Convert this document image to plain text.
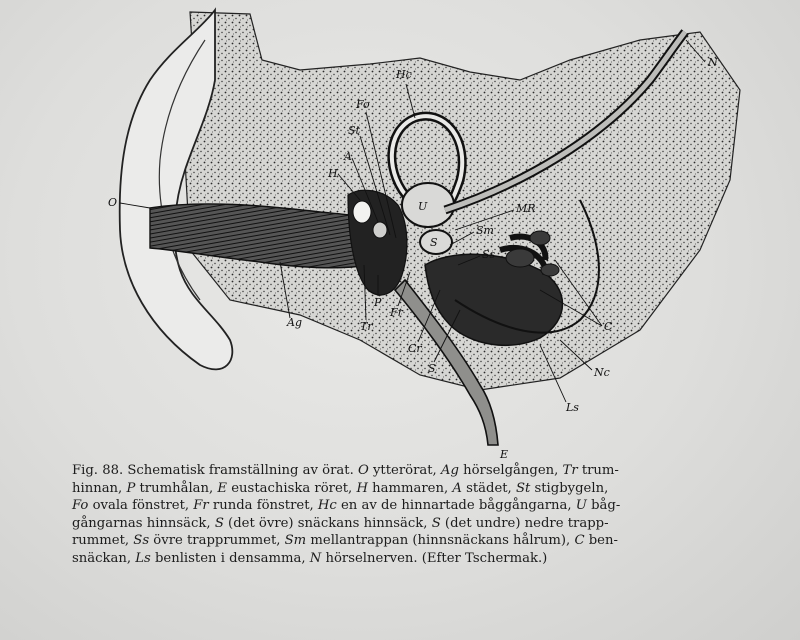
O
Ag	Tr
P
H
A
St
Fo
Hc
U
S
MR
Sm
Ss
Fr
Cr
S
C
Nc
Ls
E
N
Fig. 88. Schematisk framställning av örat. O ytterörat, Ag hörselgången, Tr trum-
hinnan, P trumhålan, E eustachiska röret, H hammaren, A städet, St stigbygeln,
Fo ovala fönstret, Fr runda fönstret, Hc en av de hinnartade båggångarna, U båg-
gångarnas hinnsäck, S (det övre) snäckans hinnsäck, S (det undre) nedre trapp-
rummet, Ss övre trapprummet, Sm mellantrappan (hinnsnäckans hålrum), C ben-
snäckan, Ls benlisten i densamma, N hörselnerven. (Efter Tschermak.)
